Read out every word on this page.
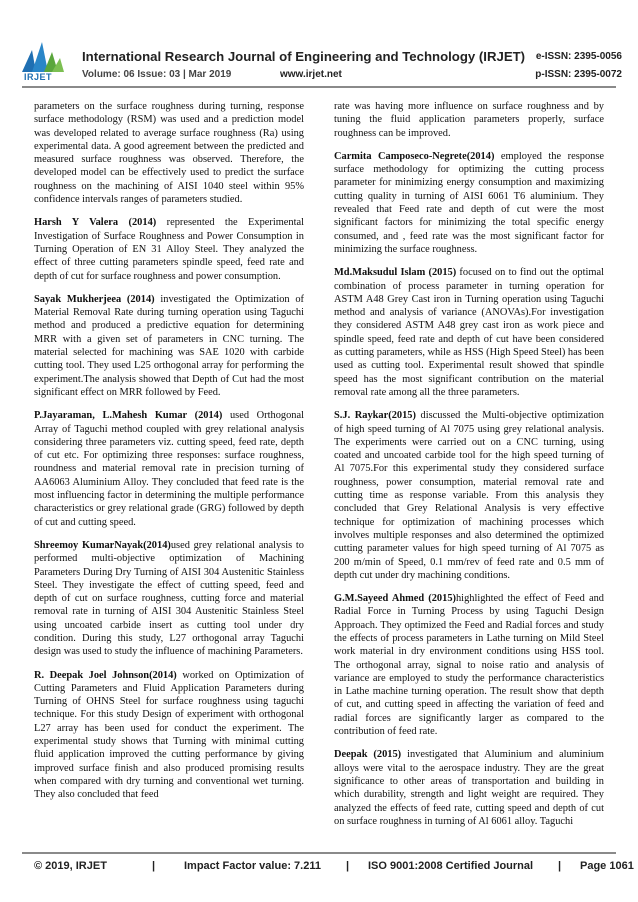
IRJET
International Research Journal of Engineering and Technology (IRJET) e-ISSN: 2395-0056
Volume: 06 Issue: 03 | Mar 2019	www.irjet.net	p-ISSN: 2395-0072

parameters on the surface roughness during turning, response surface methodology (RSM) was used and a prediction model was developed related to average surface roughness (Ra) using experimental data. A good agreement between the predicted and measured surface roughness was observed. Therefore, the developed model can be effectively used to predict the surface roughness on the machining of AISI 1040 steel within 95% confidence intervals ranges of parameters studied.

Harsh Y Valera (2014) represented the Experimental Investigation of Surface Roughness and Power Consumption in Turning Operation of EN 31 Alloy Steel. They analyzed the effect of three cutting parameters spindle speed, feed rate and depth of cut for surface roughness and power consumption.

Sayak Mukherjeea (2014) investigated the Optimization of Material Removal Rate during turning operation using Taguchi method and produced a predictive equation for determining MRR with a given set of parameters in CNC turning. The material selected for machining was SAE 1020 with carbide cutting tool. They used L25 orthogonal array for performing the experiment.The analysis showed that Depth of Cut had the most significant effect on MRR followed by Feed.

P.Jayaraman, L.Mahesh Kumar (2014) used Orthogonal Array of Taguchi method coupled with grey relational analysis considering three parameters viz. cutting speed, feed rate, depth of cut etc. For optimizing three responses: surface roughness, roundness and material removal rate in precision turning of AA6063 Aluminium Alloy. They concluded that feed rate is the most influencing factor in determining the multiple performance characteristics or grey relational grade (GRG) followed by depth of cut and cutting speed.

Shreemoy KumarNayak(2014)used grey relational analysis to performed multi-objective optimization of Machining Parameters During Dry Turning of AISI 304 Austenitic Stainless Steel. They investigate the effect of cutting speed, feed and depth of cut on surface roughness, cutting force and material removal rate in turning of AISI 304 Austenitic Stainless Steel using uncoated carbide insert as cutting tool under dry condition. During this study, L27 orthogonal array Taguchi design was used to study the influence of machining Parameters.

R. Deepak Joel Johnson(2014) worked on Optimization of Cutting Parameters and Fluid Application Parameters during Turning of OHNS Steel for surface roughness using taguchi technique. For this study Design of experiment with orthogonal L27 array has been used for conduct the experiment. The experimental study shows that Turning with minimal cutting fluid application improved the cutting performance by giving improved surface finish and also produced promising results when compared with dry turning and conventional wet turning. They also concluded that feed

rate was having more influence on surface roughness and by tuning the fluid application parameters properly, surface roughness can be improved.

Carmita Camposeco-Negrete(2014) employed the response surface methodology for optimizing the cutting process parameter for minimizing energy consumption and maximizing cutting quality in turning of AISI 6061 T6 aluminium. They revealed that Feed rate and depth of cut were the most significant factors for minimizing the total specific energy consumed, and , feed rate was the most significant factor for minimizing the surface roughness.

Md.Maksudul Islam (2015) focused on to find out the optimal combination of process parameter in turning operation for ASTM A48 Grey Cast iron in Turning operation using Taguchi method and analysis of variance (ANOVAs).For investigation they considered ASTM A48 grey cast iron as work piece and spindle speed, feed rate and depth of cut have been considered as cutting parameters, while as HSS (High Speed Steel) has been used as cutting tool. Experimental result showed that spindle speed has the most significant contribution on the material removal rate among all the three parameters.

S.J. Raykar(2015) discussed the Multi-objective optimization of high speed turning of Al 7075 using grey relational analysis. The experiments were carried out on a CNC turning, using coated and uncoated carbide tool for the high speed turning of Al 7075.For this experimental study they considered surface roughness, power consumption, material removal rate and cutting time as response variable. From this analysis they concluded that Grey Relational Analysis is very effective technique for optimization of machining processes which involves multiple responses and also determined the optimized cutting parameter values for high speed turning of Al 7075 as 200 m/min of Speed, 0.1 mm/rev of feed rate and 0.5 mm of depth cut under dry machining conditions.

G.M.Sayeed Ahmed (2015)highlighted the effect of Feed and Radial Force in Turning Process by using Taguchi Design Approach. They optimized the Feed and Radial forces and study the effects of process parameters in Lathe turning on Mild Steel work material in dry environment conditions using HSS tool. The orthogonal array, signal to noise ratio and analysis of variance are employed to study the performance characteristics in Lathe machine turning operation. The result show that depth of cut, and cutting speed in affecting the variation of feed and radial forces are significantly larger as compared to the contribution of feed rate.

Deepak (2015) investigated that Aluminium and aluminium alloys were vital to the aerospace industry. They are the great significance to other areas of transportation and building in which durability, strength and light weight are required. They analyzed the effects of feed rate, cutting speed and depth of cut on surface roughness in turning of Al 6061 alloy. Taguchi

© 2019, IRJET	|	Impact Factor value: 7.211 | ISO 9001:2008 Certified Journal | Page 1061
